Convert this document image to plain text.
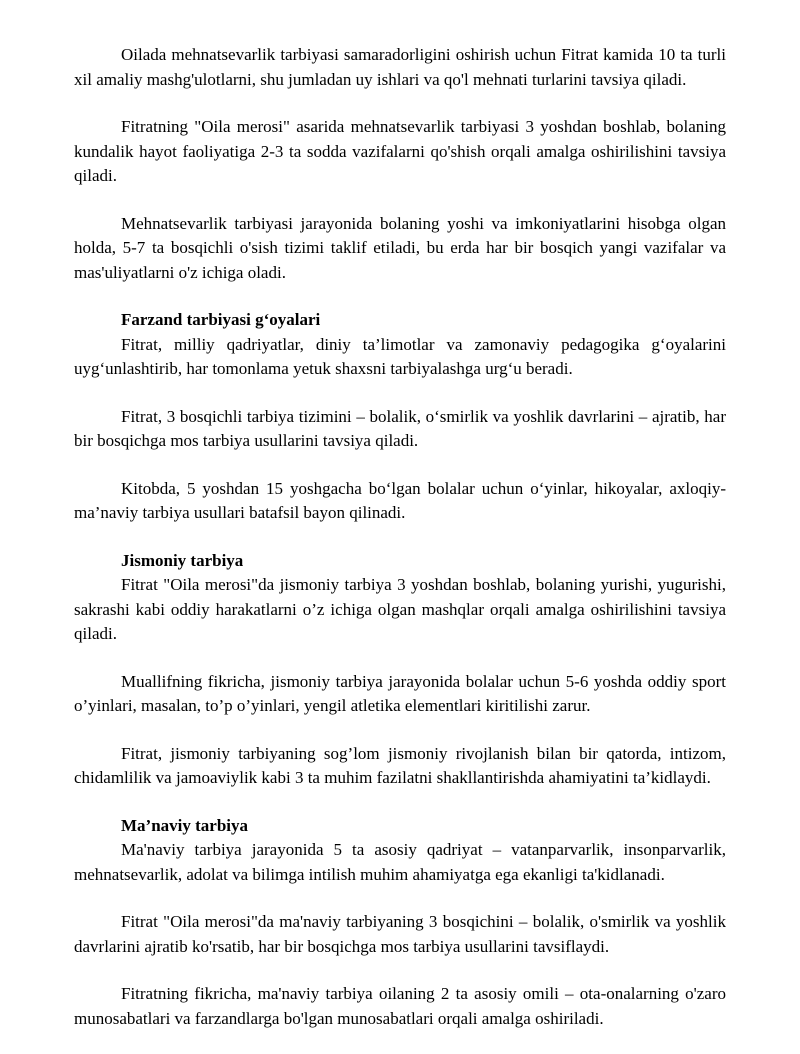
Oilada mehnatsevarlik tarbiyasi samaradorligini oshirish uchun Fitrat kamida 10 ta turli xil amaliy mashg'ulotlarni, shu jumladan uy ishlari va qo'l mehnati turlarini tavsiya qiladi.

Fitratning "Oila merosi" asarida mehnatsevarlik tarbiyasi 3 yoshdan boshlab, bolaning kundalik hayot faoliyatiga 2-3 ta sodda vazifalarni qo'shish orqali amalga oshirilishini tavsiya qiladi.

Mehnatsevarlik tarbiyasi jarayonida bolaning yoshi va imkoniyatlarini hisobga olgan holda, 5-7 ta bosqichli o'sish tizimi taklif etiladi, bu erda har bir bosqich yangi vazifalar va mas'uliyatlarni o'z ichiga oladi.

Farzand tarbiyasi g‘oyalari

Fitrat, milliy qadriyatlar, diniy ta’limotlar va zamonaviy pedagogika g‘oyalarini uyg‘unlashtirib, har tomonlama yetuk shaxsni tarbiyalashga urg‘u beradi.

Fitrat, 3 bosqichli tarbiya tizimini – bolalik, o‘smirlik va yoshlik davrlarini – ajratib, har bir bosqichga mos tarbiya usullarini tavsiya qiladi.

Kitobda, 5 yoshdan 15 yoshgacha bo‘lgan bolalar uchun o‘yinlar, hikoyalar, axloqiy-ma’naviy tarbiya usullari batafsil bayon qilinadi.

Jismoniy tarbiya

Fitrat "Oila merosi"da jismoniy tarbiya 3 yoshdan boshlab, bolaning yurishi, yugurishi, sakrashi kabi oddiy harakatlarni o’z ichiga olgan mashqlar orqali amalga oshirilishini tavsiya qiladi.

Muallifning fikricha, jismoniy tarbiya jarayonida bolalar uchun 5-6 yoshda oddiy sport o’yinlari, masalan, to’p o’yinlari, yengil atletika elementlari kiritilishi zarur.

Fitrat, jismoniy tarbiyaning sog’lom jismoniy rivojlanish bilan bir qatorda, intizom, chidamlilik va jamoaviylik kabi 3 ta muhim fazilatni shakllantirishda ahamiyatini ta’kidlaydi.

Ma’naviy tarbiya

Ma'naviy tarbiya jarayonida 5 ta asosiy qadriyat – vatanparvarlik, insonparvarlik, mehnatsevarlik, adolat va bilimga intilish muhim ahamiyatga ega ekanligi ta'kidlanadi.

Fitrat "Oila merosi"da ma'naviy tarbiyaning 3 bosqichini – bolalik, o'smirlik va yoshlik davrlarini ajratib ko'rsatib, har bir bosqichga mos tarbiya usullarini tavsiflaydi.

Fitratning fikricha, ma'naviy tarbiya oilaning 2 ta asosiy omili – ota-onalarning o'zaro munosabatlari va farzandlarga bo'lgan munosabatlari orqali amalga oshiriladi.
